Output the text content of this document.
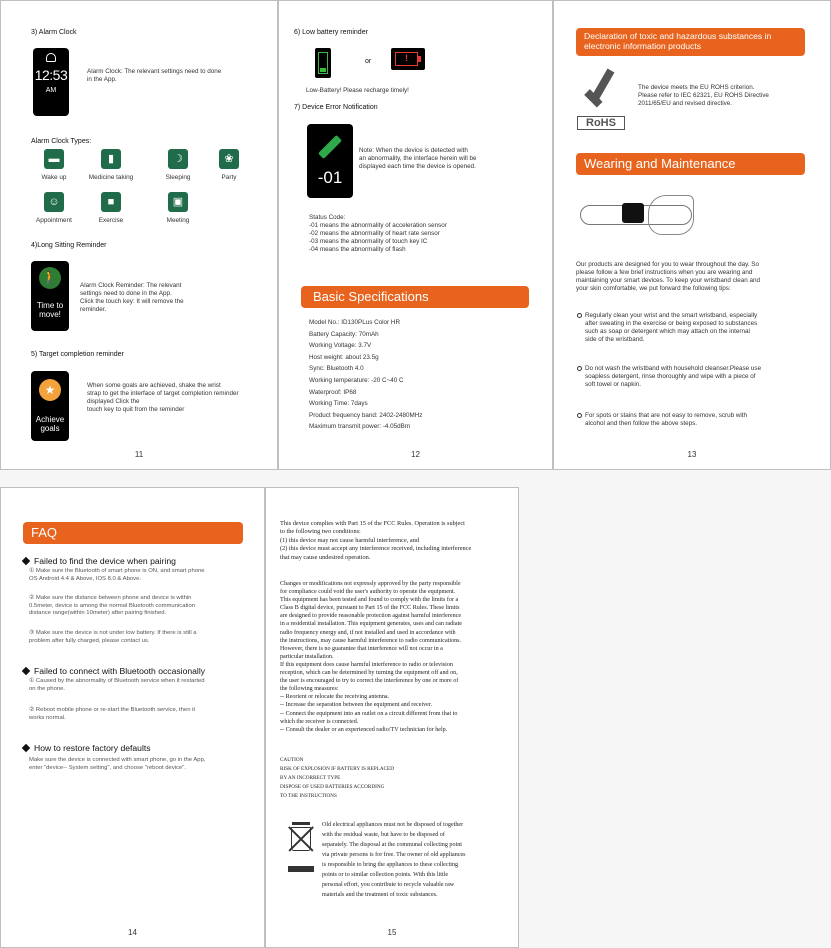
3) Alarm Clock
12:53
AM
Alarm Clock: The relevant settings need to done
in the App.
Alarm Clock Types:
4)Long Sitting Reminder
🚶
Time to
move!
Alarm Clock Reminder: The relevant
settings need to done in the App.
Click the touch key: It will remove the
reminder.
5) Target completion reminder
★
Achieve
goals
When some goals are achieved, shake the wrist
strap to get the interface of target completion reminder
displayed Click the
touch key to quit from the reminder
11
▬
Wake up
▮
Medicine taking
☽
Sleeping
❀
Party
☺
Appointment
■
Exercise
▣
Meeting
6) Low battery reminder
or	!
Low-Battery! Please recharge timely!
7) Device Error Notification
-01
Note: When the device is detected with
an abnormality, the interface herein will be
displayed each time the device is opened.
Status Code:
-01 means the abnormality of acceleration sensor
-02 means the abnormality of heart rate sensor
-03 means the abnormality of touch key IC
-04 means the abnormality of flash
Basic Specifications
Model No.: ID130PLus Color HR
Battery Capacity: 70mAh
Working Voltage: 3.7V
Host weight: about 23.5g
Sync: Bluetooth 4.0
Working temperature: -20 C~40 C
Waterproof: IP68
Working Time: 7days
Product frequency band: 2402-2480MHz
Maximum transmit power: -4.05dBm
12
Declaration of toxic and hazardous substances in
electronic information products
RoHS
The device meets the EU ROHS criterion.
Please refer to IEC 62321, EU ROHS Directive
2011/65/EU and revised directive.
Wearing and Maintenance
Our products are designed for you to wear throughout the day. So
please follow a few brief instructions when you are wearing and
maintaining your smart devices. To keep your wristband clean and
your skin comfortable, we put forward the following tips:
13
Regularly clean your wrist and the smart wristband, especially
after sweating in the exercise or being exposed to substances
such as soap or detergent which may attach on the internal
side of the wristband.
Do not wash the wristband with household cleanser.Please use
soapless detergent, rinse thoroughly and wipe with a piece of
soft towel or napkin.
For spots or stains that are not easy to remove, scrub with
alcohol and then follow the above steps.
FAQ
14
Failed to find the device when pairing
① Make sure the Bluetooth of smart phone is ON, and smart phone
OS Android 4.4 & Above, IOS 8.0 & Above.
② Make sure the distance between phone and device is within
0.5meter, device is among the normal Bluetooth communication
distance range(within 10meter) after pairing finished.
③ Make sure the device is not under low battery. If there is still a
problem after fully charged, please contact us.
Failed to connect with Bluetooth occasionally
① Caused by the abnormality of Bluetooth service when it restarted
on the phone.
② Reboot mobile phone or re-start the Bluetooth service, then it
works normal.
How to restore factory defaults
Make sure the device is connected with smart phone, go in the App,
enter "device-- System setting", and choose "reboot device".
This device complies with Part 15 of the FCC Rules. Operation is subject
to the following two conditions:
(1) this device may not cause harmful interference, and
(2) this device must accept any interference received, including interference
that may cause undesired operation.
Changes or modifications not expressly approved by the party responsible
for compliance could void the user's authority to operate the equipment.
This equipment has been tested and found to comply with the limits for a
Class B digital device, pursuant to Part 15 of the FCC Rules. These limits
are designed to provide reasonable protection against harmful interference
in a residential installation. This equipment generates, uses and can radiate
radio frequency energy and, if not installed and used in accordance with
the instructions, may cause harmful interference to radio communications.
However, there is no guarantee that interference will not occur in a
particular installation.
If this equipment does cause harmful interference to radio or television
reception, which can be determined by turning the equipment off and on,
the user is encouraged to try to correct the interference by one or more of
the following measures:
-- Reorient or relocate the receiving antenna.
-- Increase the separation between the equipment and receiver.
-- Connect the equipment into an outlet on a circuit different from that to
which the receiver is connected.
-- Consult the dealer or an experienced radio/TV technician for help.
CAUTION
RISK OF EXPLOSION IF BATTERY IS REPLACED
BY AN INCORRECT TYPE
DISPOSE OF USED BATTERIES ACCORDING
TO THE INSTRUCTIONS
Old electrical appliances must not be disposed of together
with the residual waste, but have to be disposed of
separately. The disposal at the communal collecting point
via private persons is for free. The owner of old appliances
is responsible to bring the appliances to these collecting
points or to similar collection points. With this little
personal effort, you contribute to recycle valuable raw
materials and the treatment of toxic substances.
15
